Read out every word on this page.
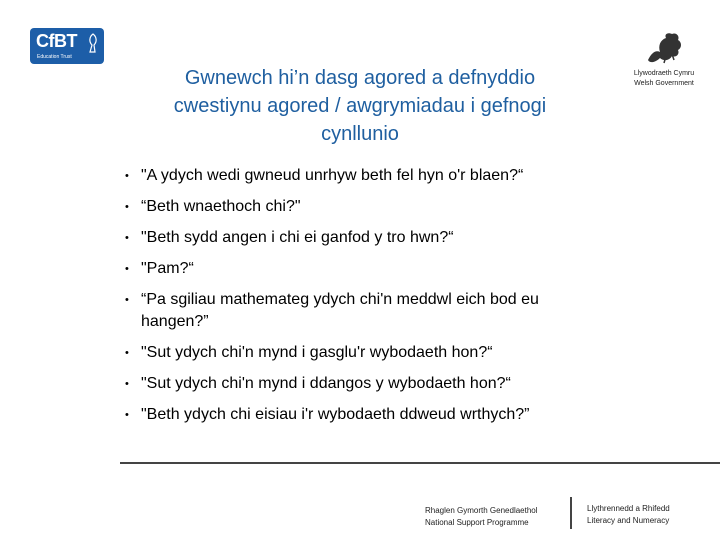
CfBT
Education Trust
Llywodraeth Cymru
Welsh Government
Gwnewch hi’n dasg agored a defnyddio
cwestiynu agored / awgrymiadau i gefnogi
cynllunio
• "A ydych wedi gwneud unrhyw beth fel hyn o'r blaen?“
• “Beth wnaethoch chi?"
• "Beth sydd angen i chi ei ganfod y tro hwn?“
• "Pam?“
• “Pa sgiliau mathemateg ydych chi'n meddwl eich bod eu hangen?”
• "Sut ydych chi'n mynd i gasglu'r wybodaeth hon?“
• "Sut ydych chi'n mynd i ddangos y wybodaeth hon?“
• "Beth ydych chi eisiau i'r wybodaeth ddweud wrthych?”
Rhaglen Gymorth Genedlaethol
National Support Programme
Llythrennedd a Rhifedd
Literacy and Numeracy
